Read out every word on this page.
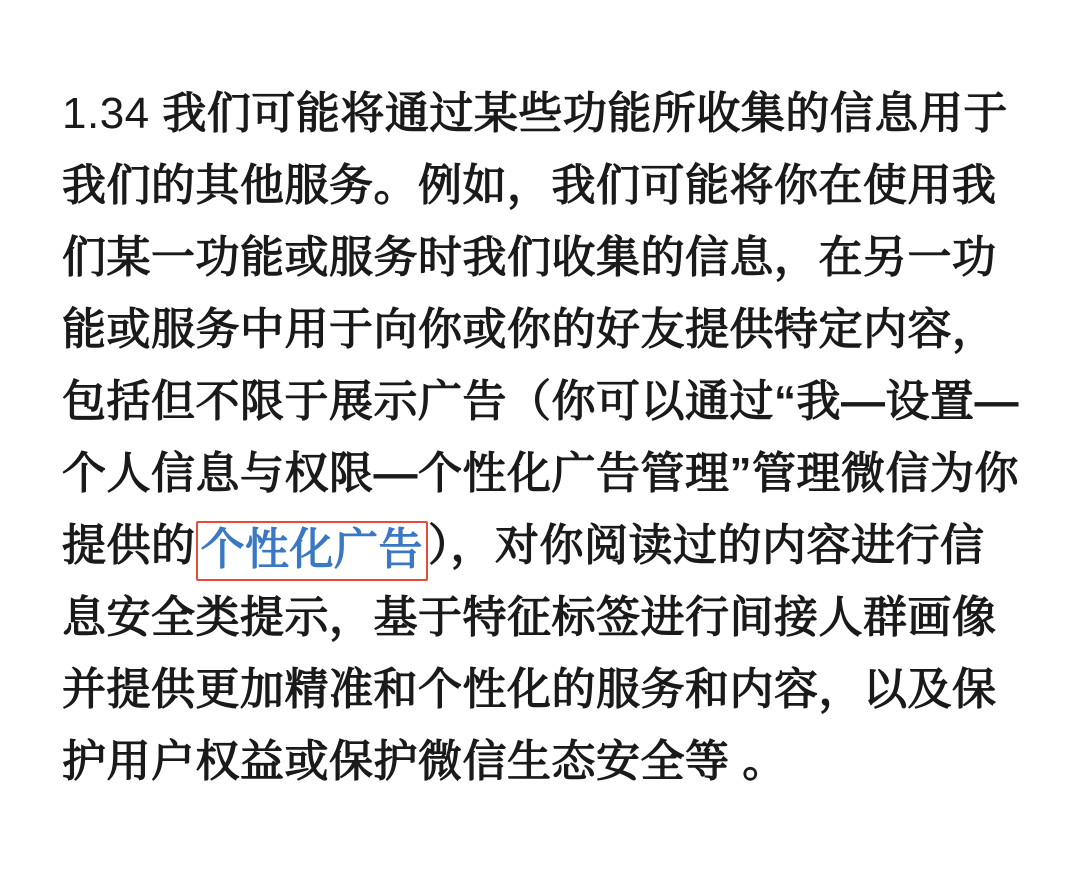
1.34 我们可能将通过某些功能所收集的信息用于我们的其他服务。例如，我们可能将你在使用我们某一功能或服务时我们收集的信息，在另一功能或服务中用于向你或你的好友提供特定内容，包括但不限于展示广告（你可以通过“我—设置—个人信息与权限—个性化广告管理”管理微信为你提供的 个性化广告 ），对你阅读过的内容进行信息安全类提示，基于特征标签进行间接人群画像并提供更加精准和个性化的服务和内容，以及保护用户权益或保护微信生态安全等 。
